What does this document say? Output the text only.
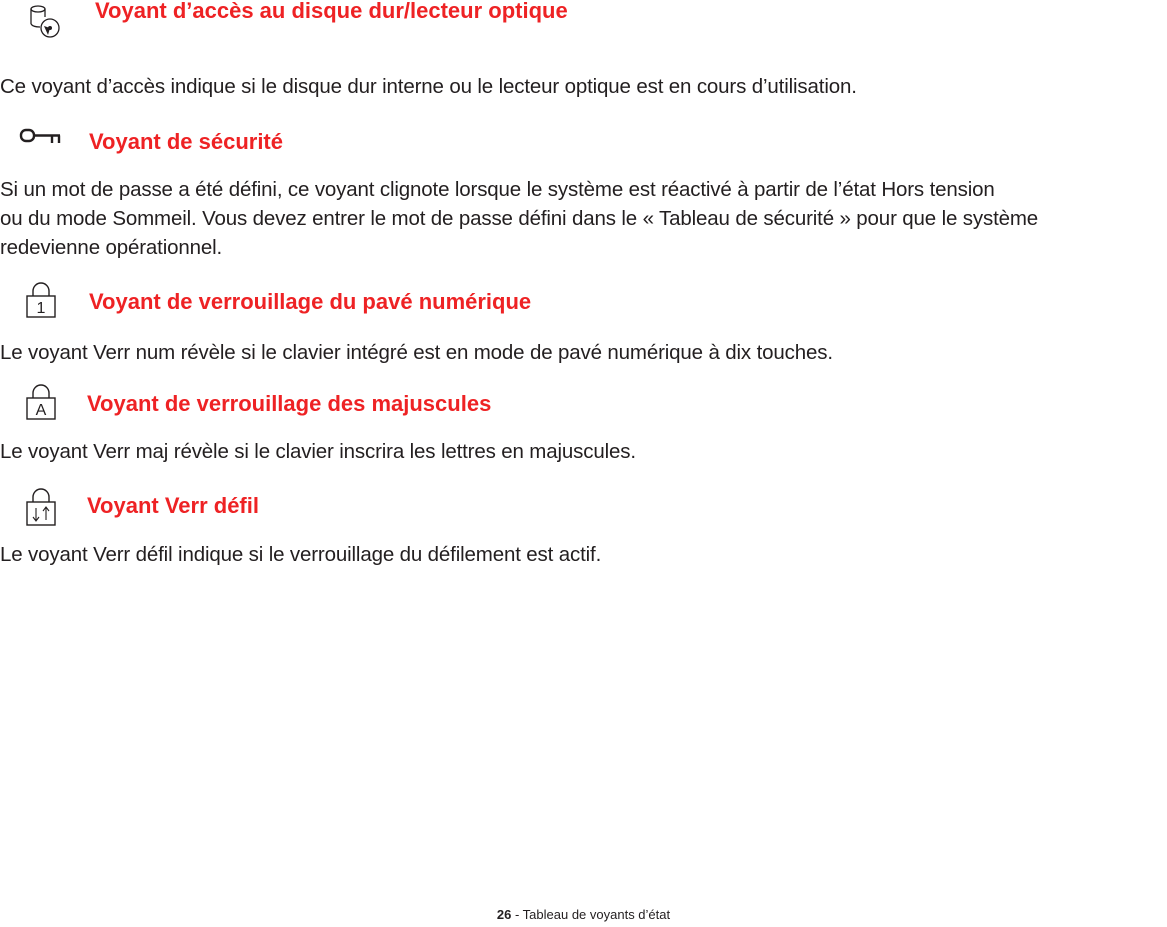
Voyant d’accès au disque dur/lecteur optique
Ce voyant d’accès indique si le disque dur interne ou le lecteur optique est en cours d’utilisation.
Voyant de sécurité
Si un mot de passe a été défini, ce voyant clignote lorsque le système est réactivé à partir de l’état Hors tension
ou du mode Sommeil. Vous devez entrer le mot de passe défini dans le « Tableau de sécurité » pour que le système
redevienne opérationnel.
1 Voyant de verrouillage du pavé numérique
Le voyant Verr num révèle si le clavier intégré est en mode de pavé numérique à dix touches.
A Voyant de verrouillage des majuscules
Le voyant Verr maj révèle si le clavier inscrira les lettres en majuscules.
Voyant Verr défil
Le voyant Verr défil indique si le verrouillage du défilement est actif.
26 - Tableau de voyants d’état
